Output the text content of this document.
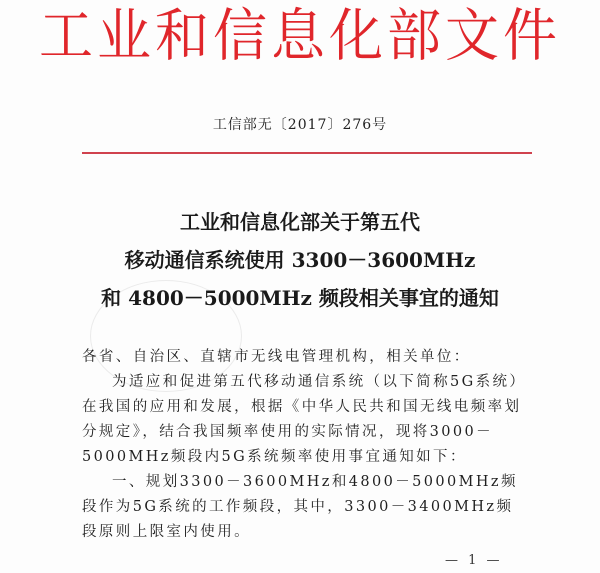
工业和信息化部文件
工信部无〔2017〕276号
工业和信息化部关于第五代
移动通信系统使用 3300－3600MHz
和 4800－5000MHz 频段相关事宜的通知

各省、自治区、直辖市无线电管理机构，相关单位：

为适应和促进第五代移动通信系统（以下简称5G系统）在我国的应用和发展，根据《中华人民共和国无线电频率划分规定》，结合我国频率使用的实际情况，现将3000－5000MHz频段内5G系统频率使用事宜通知如下：

一、规划3300－3600MHz和4800－5000MHz频段作为5G系统的工作频段，其中，3300－3400MHz频段原则上限室内使用。

— 1 —
